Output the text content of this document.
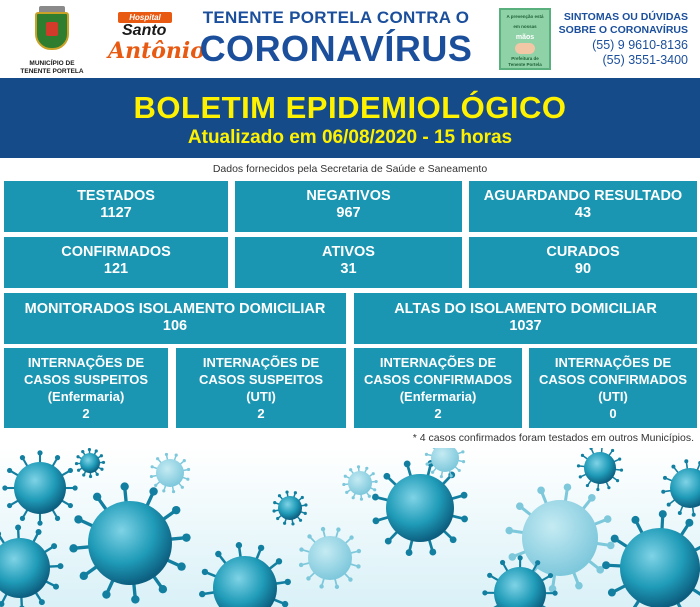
MUNICÍPIO DE
TENENTE PORTELA
Hospital
Santo
Antônio
TENENTE PORTELA CONTRA O
CORONAVÍRUS
A prevenção está
em nossas
mãos
Prefeitura de Tenente Portela
SINTOMAS OU DÚVIDAS
SOBRE O CORONAVÍRUS
(55) 9 9610-8136
(55) 3551-3400
BOLETIM EPIDEMIOLÓGICO
Atualizado em 06/08/2020 - 15 horas
Dados fornecidos pela Secretaria de Saúde e Saneamento
TESTADOS
1127
NEGATIVOS
967
AGUARDANDO RESULTADO
43
CONFIRMADOS
121
ATIVOS
31
CURADOS
90
MONITORADOS ISOLAMENTO DOMICILIAR
106
ALTAS DO ISOLAMENTO DOMICILIAR
1037
INTERNAÇÕES DE
CASOS SUSPEITOS
(Enfermaria)
2
INTERNAÇÕES DE
CASOS SUSPEITOS
(UTI)
2
INTERNAÇÕES DE
CASOS CONFIRMADOS
(Enfermaria)
2
INTERNAÇÕES DE
CASOS CONFIRMADOS
(UTI)
0
* 4 casos confirmados foram testados em outros Municípios.
